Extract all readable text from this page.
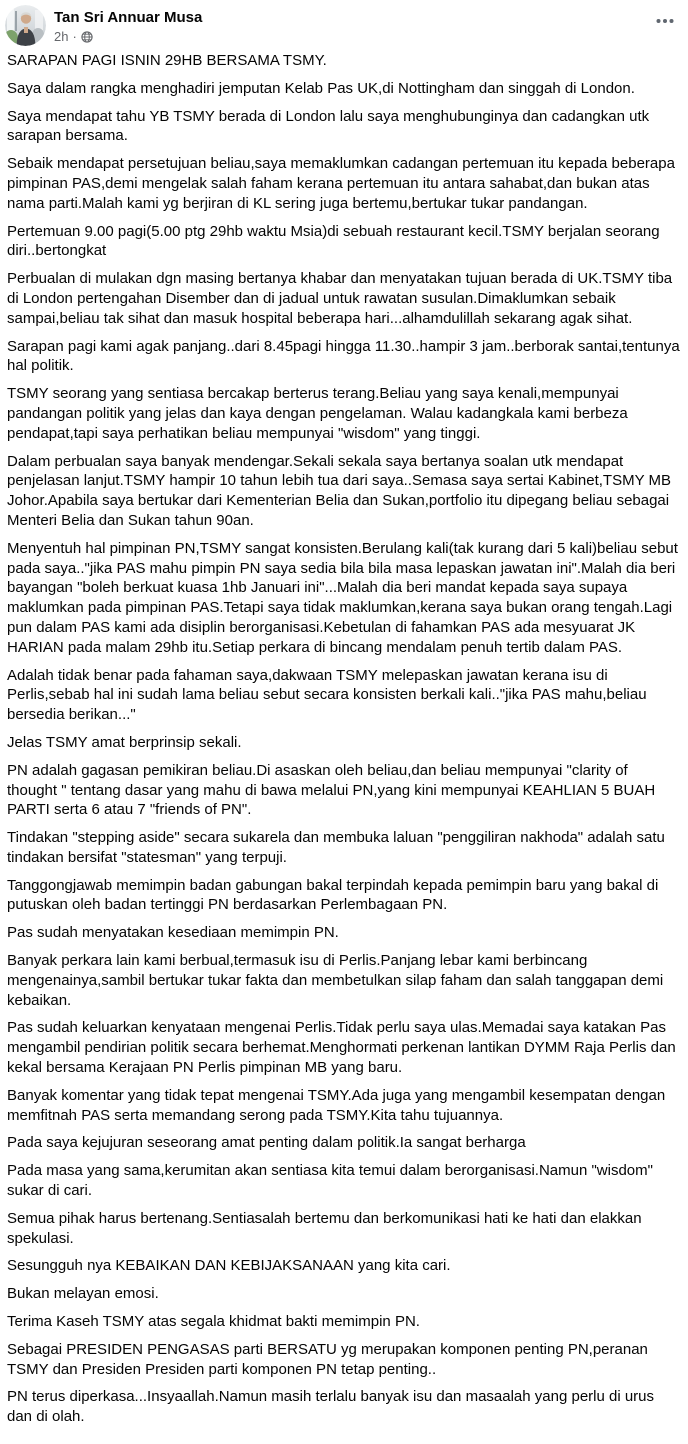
Tan Sri Annuar Musa
2h ·

SARAPAN PAGI ISNIN 29HB BERSAMA TSMY.

Saya dalam rangka menghadiri jemputan Kelab Pas UK,di Nottingham dan singgah di London.

Saya mendapat tahu YB TSMY berada di London lalu saya menghubunginya dan cadangkan utk sarapan bersama.

Sebaik mendapat persetujuan beliau,saya memaklumkan cadangan pertemuan itu kepada beberapa pimpinan PAS,demi mengelak salah faham kerana pertemuan itu antara sahabat,dan bukan atas nama parti.Malah kami yg berjiran di KL sering juga bertemu,bertukar tukar pandangan.

Pertemuan 9.00 pagi(5.00 ptg 29hb waktu Msia)di sebuah restaurant kecil.TSMY berjalan seorang diri..bertongkat

Perbualan di mulakan dgn masing bertanya khabar dan menyatakan tujuan berada di UK.TSMY tiba di London pertengahan Disember dan di jadual untuk rawatan susulan.Dimaklumkan sebaik sampai,beliau tak sihat dan masuk hospital beberapa hari...alhamdulillah sekarang agak sihat.

Sarapan pagi kami agak panjang..dari 8.45pagi hingga 11.30..hampir 3 jam..berborak santai,tentunya hal politik.

TSMY seorang yang sentiasa bercakap berterus terang.Beliau yang saya kenali,mempunyai pandangan politik yang jelas dan kaya dengan pengelaman. Walau kadangkala kami berbeza pendapat,tapi saya perhatikan beliau mempunyai "wisdom" yang tinggi.

Dalam perbualan saya banyak mendengar.Sekali sekala saya bertanya soalan utk mendapat penjelasan lanjut.TSMY hampir 10 tahun lebih tua dari saya..Semasa saya sertai Kabinet,TSMY MB Johor.Apabila saya bertukar dari Kementerian Belia dan Sukan,portfolio itu dipegang beliau sebagai Menteri Belia dan Sukan tahun 90an.

Menyentuh hal pimpinan PN,TSMY sangat konsisten.Berulang kali(tak kurang dari 5 kali)beliau sebut pada saya.."jika PAS mahu pimpin PN saya sedia bila bila masa lepaskan jawatan ini".Malah dia beri bayangan "boleh berkuat kuasa 1hb Januari ini"...Malah dia beri mandat kepada saya supaya maklumkan pada pimpinan PAS.Tetapi saya tidak maklumkan,kerana saya bukan orang tengah.Lagi pun dalam PAS kami ada disiplin berorganisasi.Kebetulan di fahamkan PAS ada mesyuarat JK HARIAN pada malam 29hb itu.Setiap perkara di bincang mendalam penuh tertib dalam PAS.

Adalah tidak benar pada fahaman saya,dakwaan TSMY melepaskan jawatan kerana isu di Perlis,sebab hal ini sudah lama beliau sebut secara konsisten berkali kali.."jika PAS mahu,beliau bersedia berikan..."

Jelas TSMY amat berprinsip sekali.

PN adalah gagasan pemikiran beliau.Di asaskan oleh beliau,dan beliau mempunyai "clarity of thought " tentang dasar yang mahu di bawa melalui PN,yang kini mempunyai KEAHLIAN 5 BUAH PARTI serta 6 atau 7 "friends of PN".

Tindakan "stepping aside" secara sukarela dan membuka laluan "penggiliran nakhoda" adalah satu tindakan bersifat "statesman" yang terpuji.

Tanggongjawab memimpin badan gabungan bakal terpindah kepada pemimpin baru yang bakal di putuskan oleh badan tertinggi PN berdasarkan Perlembagaan PN.

Pas sudah menyatakan kesediaan memimpin PN.

Banyak perkara lain kami berbual,termasuk isu di Perlis.Panjang lebar kami berbincang mengenainya,sambil bertukar tukar fakta dan membetulkan silap faham dan salah tanggapan demi kebaikan.

Pas sudah keluarkan kenyataan mengenai Perlis.Tidak perlu saya ulas.Memadai saya katakan Pas mengambil pendirian politik secara berhemat.Menghormati perkenan lantikan DYMM Raja Perlis dan kekal bersama Kerajaan PN Perlis pimpinan MB yang baru.

Banyak komentar yang tidak tepat mengenai TSMY.Ada juga yang mengambil kesempatan dengan memfitnah PAS serta memandang serong pada TSMY.Kita tahu tujuannya.

Pada saya kejujuran seseorang amat penting dalam politik.Ia sangat berharga

Pada masa yang sama,kerumitan akan sentiasa kita temui dalam berorganisasi.Namun "wisdom" sukar di cari.

Semua pihak harus bertenang.Sentiasalah bertemu dan berkomunikasi hati ke hati dan elakkan spekulasi.

Sesungguh nya KEBAIKAN DAN KEBIJAKSANAAN yang kita cari.

Bukan melayan emosi.

Terima Kaseh TSMY atas segala khidmat bakti memimpin PN.

Sebagai PRESIDEN PENGASAS parti BERSATU yg merupakan komponen penting PN,peranan TSMY dan Presiden Presiden parti komponen PN tetap penting..

PN terus diperkasa...Insyaallah.Namun masih terlalu banyak isu dan masaalah yang perlu di urus dan di olah.
